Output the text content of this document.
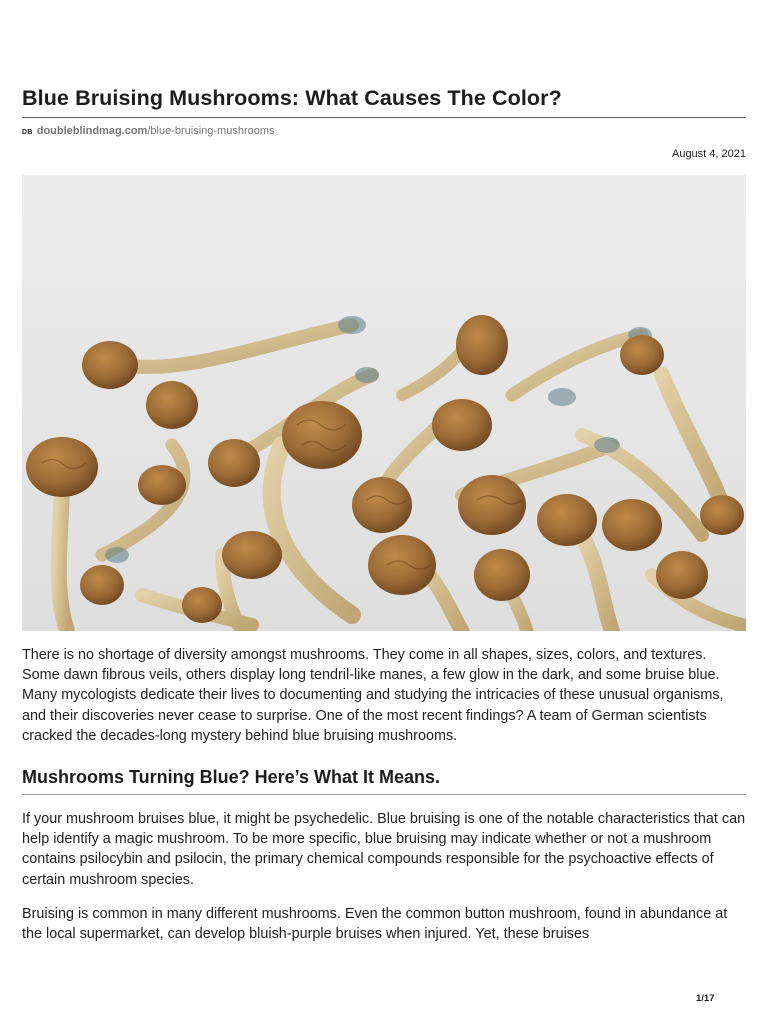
Blue Bruising Mushrooms: What Causes The Color?
DB doubleblindmag.com/blue-bruising-mushrooms
August 4, 2021

There is no shortage of diversity amongst mushrooms. They come in all shapes, sizes, colors, and textures. Some dawn fibrous veils, others display long tendril-like manes, a few glow in the dark, and some bruise blue. Many mycologists dedicate their lives to documenting and studying the intricacies of these unusual organisms, and their discoveries never cease to surprise. One of the most recent findings? A team of German scientists cracked the decades-long mystery behind blue bruising mushrooms.

Mushrooms Turning Blue? Here’s What It Means.

If your mushroom bruises blue, it might be psychedelic. Blue bruising is one of the notable characteristics that can help identify a magic mushroom. To be more specific, blue bruising may indicate whether or not a mushroom contains psilocybin and psilocin, the primary chemical compounds responsible for the psychoactive effects of certain mushroom species.

Bruising is common in many different mushrooms. Even the common button mushroom, found in abundance at the local supermarket, can develop bluish-purple bruises when injured. Yet, these bruises

1/17
